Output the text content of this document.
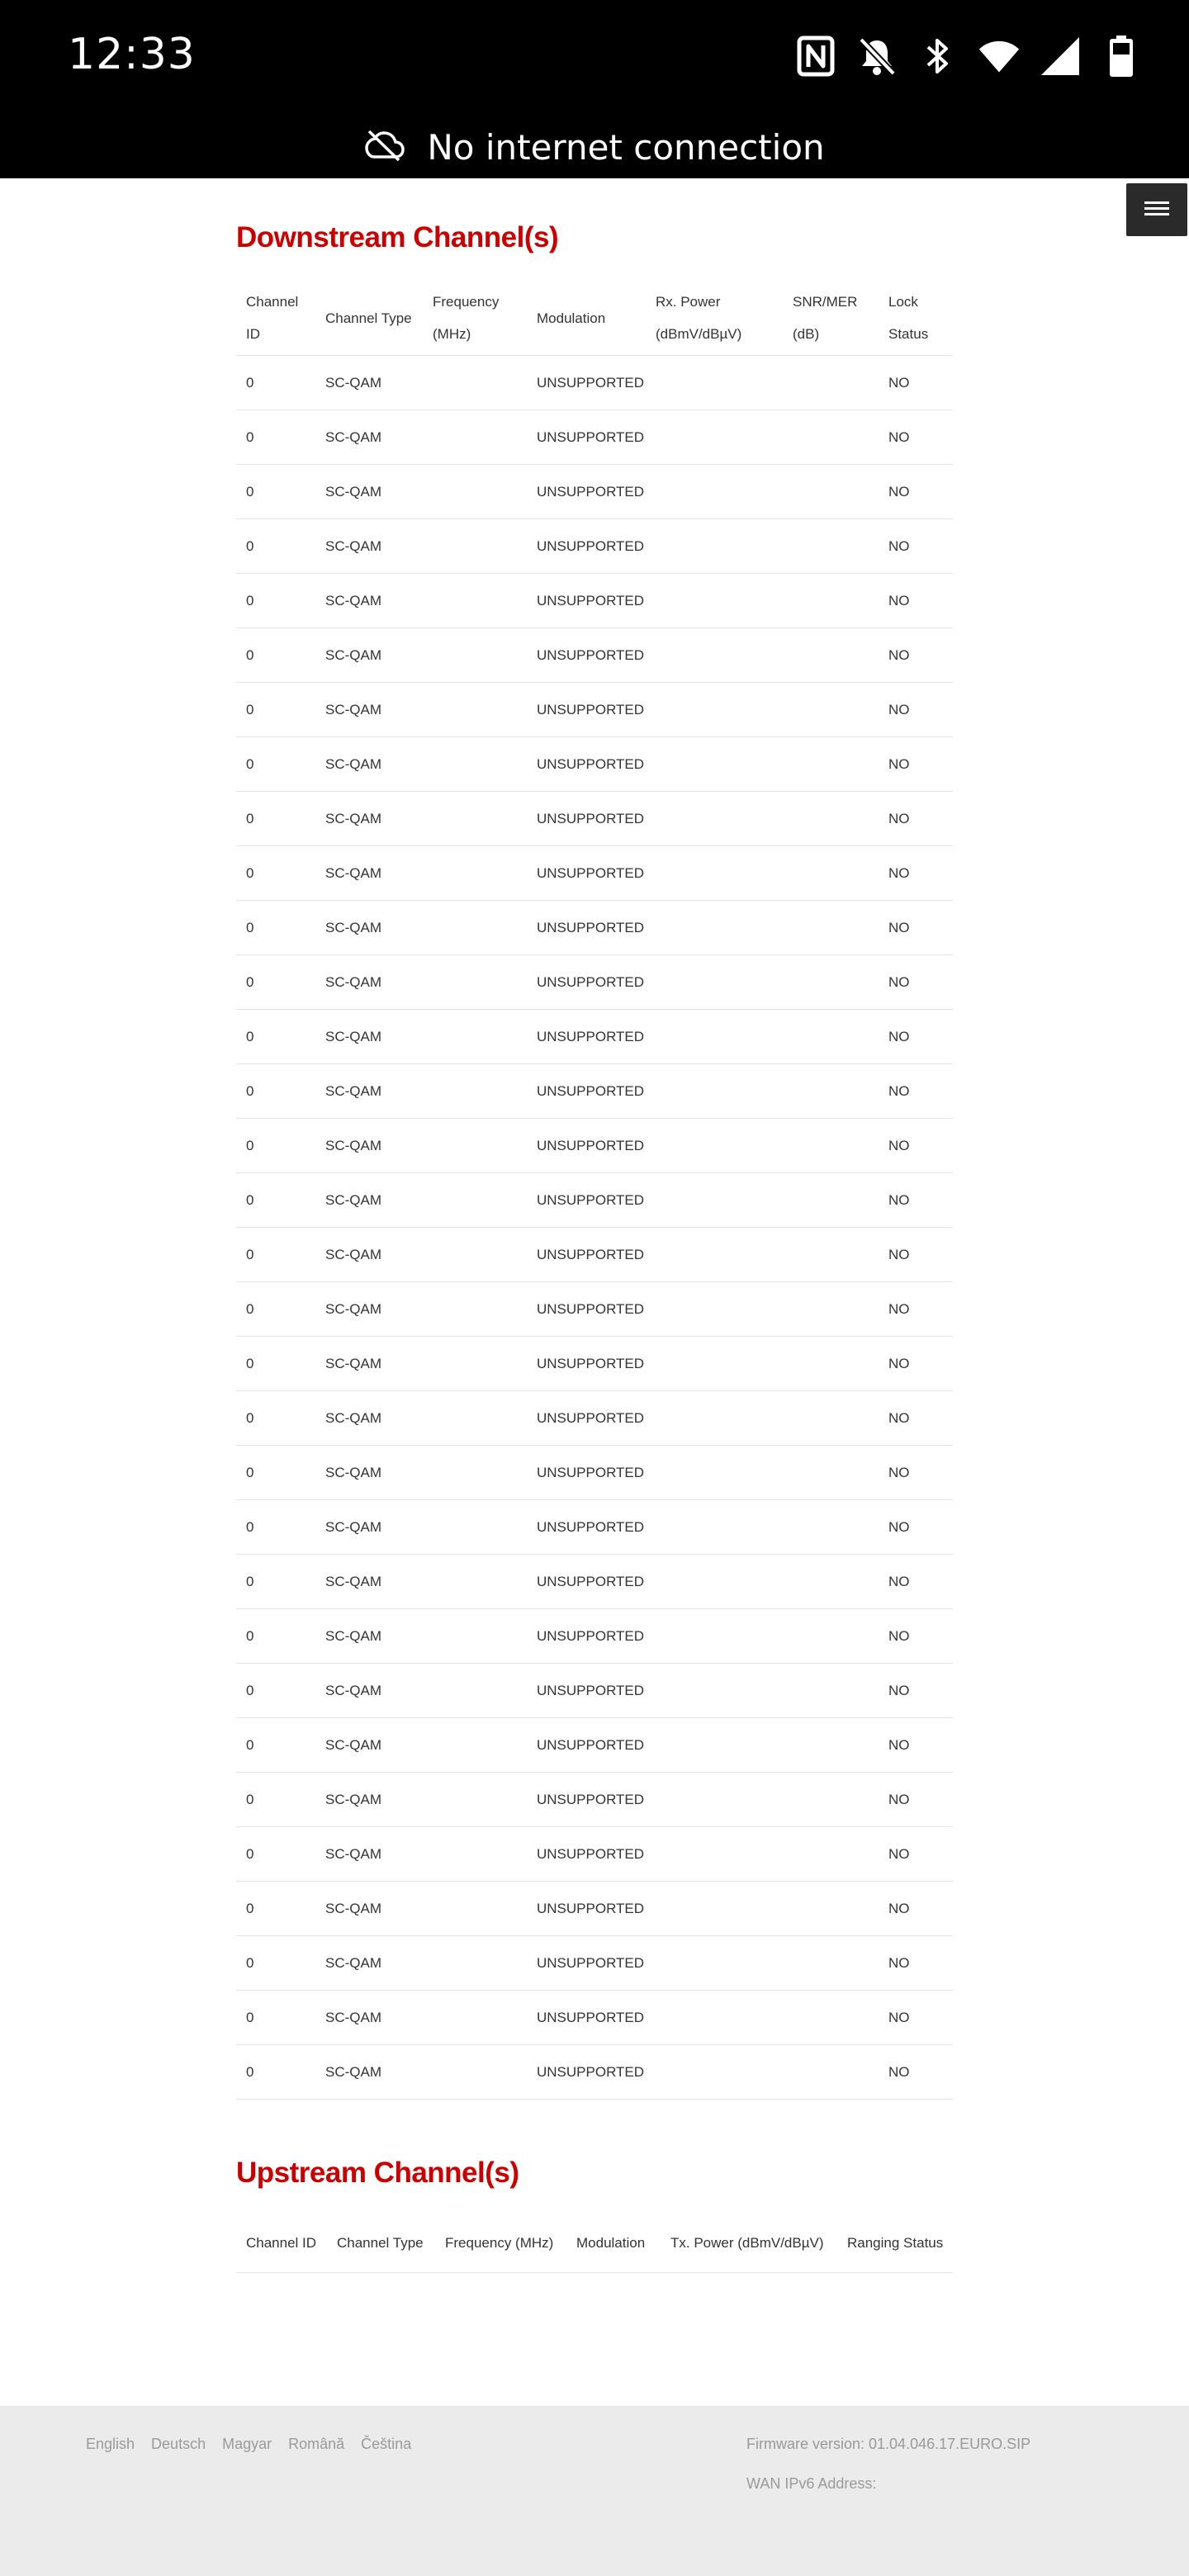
12:33
No internet connection
Downstream Channel(s)
Channel ID	Channel Type	Frequency (MHz)	Modulation	Rx. Power (dBmV/dBµV)	SNR/MER (dB)	Lock Status
0	SC-QAM		UNSUPPORTED			NO
0	SC-QAM		UNSUPPORTED			NO
0	SC-QAM		UNSUPPORTED			NO
0	SC-QAM		UNSUPPORTED			NO
0	SC-QAM		UNSUPPORTED			NO
0	SC-QAM		UNSUPPORTED			NO
0	SC-QAM		UNSUPPORTED			NO
0	SC-QAM		UNSUPPORTED			NO
0	SC-QAM		UNSUPPORTED			NO
0	SC-QAM		UNSUPPORTED			NO
0	SC-QAM		UNSUPPORTED			NO
0	SC-QAM		UNSUPPORTED			NO
0	SC-QAM		UNSUPPORTED			NO
0	SC-QAM		UNSUPPORTED			NO
0	SC-QAM		UNSUPPORTED			NO
0	SC-QAM		UNSUPPORTED			NO
0	SC-QAM		UNSUPPORTED			NO
0	SC-QAM		UNSUPPORTED			NO
0	SC-QAM		UNSUPPORTED			NO
0	SC-QAM		UNSUPPORTED			NO
0	SC-QAM		UNSUPPORTED			NO
0	SC-QAM		UNSUPPORTED			NO
0	SC-QAM		UNSUPPORTED			NO
0	SC-QAM		UNSUPPORTED			NO
0	SC-QAM		UNSUPPORTED			NO
0	SC-QAM		UNSUPPORTED			NO
0	SC-QAM		UNSUPPORTED			NO
0	SC-QAM		UNSUPPORTED			NO
0	SC-QAM		UNSUPPORTED			NO
0	SC-QAM		UNSUPPORTED			NO
0	SC-QAM		UNSUPPORTED			NO
0	SC-QAM		UNSUPPORTED			NO
Upstream Channel(s)
Channel ID	Channel Type	Frequency (MHz)	Modulation	Tx. Power (dBmV/dBµV)	Ranging Status
English Deutsch Magyar Română Čeština	Firmware version: 01.04.046.17.EURO.SIP
WAN IPv6 Address:
